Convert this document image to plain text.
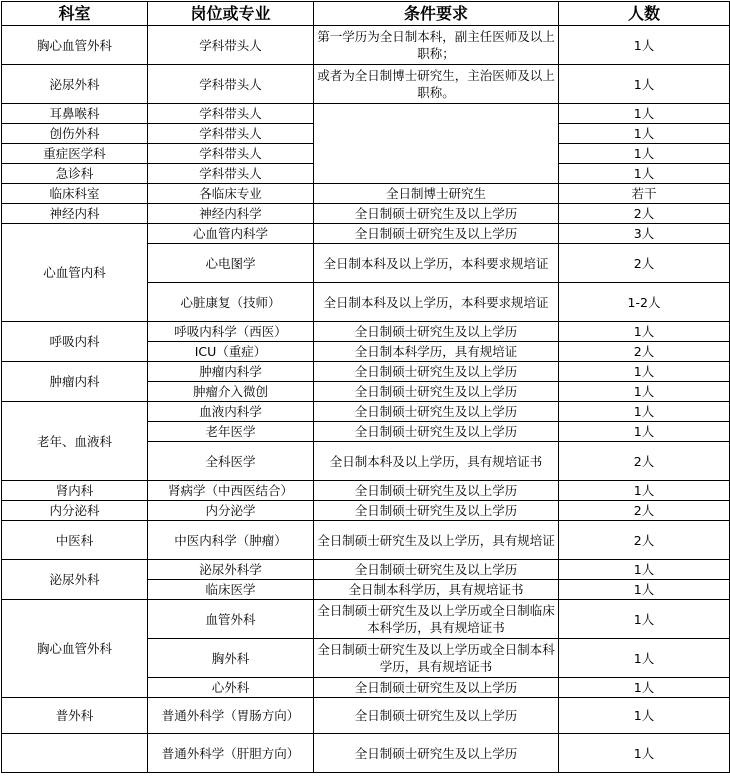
科室	岗位或专业	条件要求	人数
胸心血管外科	学科带头人	第一学历为全日制本科，副主任医师及以上职称；	1人
泌尿外科	学科带头人	或者为全日制博士研究生，主治医师及以上职称。	1人
耳鼻喉科	学科带头人		1人
创伤外科	学科带头人		1人
重症医学科	学科带头人		1人
急诊科	学科带头人		1人
临床科室	各临床专业	全日制博士研究生	若干
神经内科	神经内科学	全日制硕士研究生及以上学历	2人
心血管内科	心血管内科学	全日制硕士研究生及以上学历	3人
	心电图学	全日制本科及以上学历，本科要求规培证	2人
	心脏康复（技师）	全日制本科及以上学历，本科要求规培证	1-2人
呼吸内科	呼吸内科学（西医）	全日制硕士研究生及以上学历	1人
	ICU（重症）	全日制本科学历，具有规培证	2人
肿瘤内科	肿瘤内科学	全日制硕士研究生及以上学历	1人
	肿瘤介入微创	全日制硕士研究生及以上学历	1人
老年、血液科	血液内科学	全日制硕士研究生及以上学历	1人
	老年医学	全日制硕士研究生及以上学历	1人
	全科医学	全日制本科及以上学历，具有规培证书	2人
肾内科	肾病学（中西医结合）	全日制硕士研究生及以上学历	1人
内分泌科	内分泌学	全日制硕士研究生及以上学历	2人
中医科	中医内科学（肿瘤）	全日制硕士研究生及以上学历，具有规培证	2人
泌尿外科	泌尿外科学	全日制硕士研究生及以上学历	1人
	临床医学	全日制本科学历，具有规培证书	1人
胸心血管外科	血管外科	全日制硕士研究生及以上学历或全日制临床本科学历，具有规培证书	1人
	胸外科	全日制硕士研究生及以上学历或全日制本科学历，具有规培证书	1人
	心外科	全日制硕士研究生及以上学历	1人
普外科	普通外科学（胃肠方向）	全日制硕士研究生及以上学历	1人
	普通外科学（肝胆方向）	全日制硕士研究生及以上学历	1人
